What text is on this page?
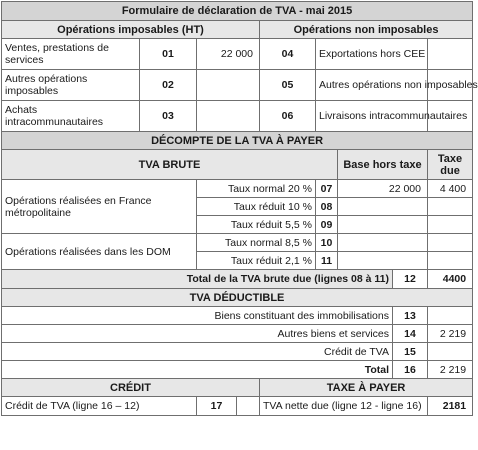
Formulaire de déclaration de TVA - mai 2015								
Opérations imposables (HT)				Opérations non imposables				
Ventes, prestations de services	01	22 000		04	Exportations hors CEE			
Autres opérations imposables	02			05	Autres opérations non imposables			
Achats intracommunautaires	03			06	Livraisons intracommunautaires			
DÉCOMPTE DE LA TVA À PAYER								
TVA BRUTE						Base hors taxe		Taxe due
Opérations réalisées en France métropolitaine		Taux normal 20 %			07	22 000		4 400
		Taux réduit 10 %			08			
		Taux réduit 5,5 %			09			
Opérations réalisées dans les DOM		Taux normal 8,5 %			10			
		Taux réduit 2,1 %			11			
Total de la TVA brute due (lignes 08 à 11)							12	4400
TVA DÉDUCTIBLE								
Biens constituant des immobilisations							13	
Autres biens et services							14	2 219
Crédit de TVA							15	
Total							16	2 219
CRÉDIT				TAXE À PAYER				
Crédit de TVA (ligne 16 – 12)		17		TVA nette due (ligne 12 - ligne 16)				2181
